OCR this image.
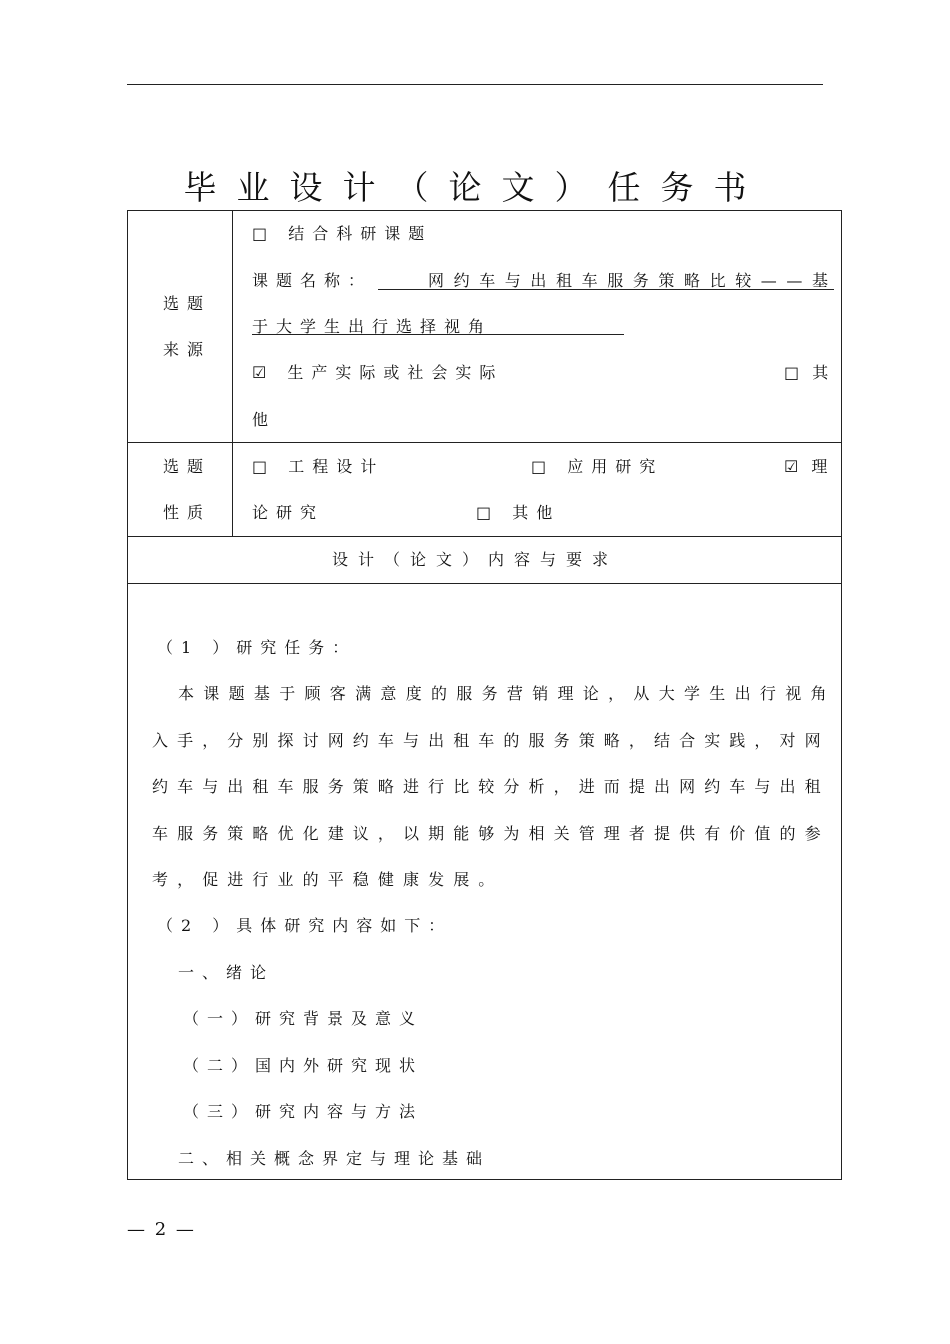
毕业设计（论文）任务书
选题
来源
□ 结合科研课题
课题名称：	网约车与出租车服务策略比较——基
于大学生出行选择视角
☑ 生产实际或社会实际	□ 其
他
选题
性质
□ 工程设计	□ 应用研究	☑ 理
论研究	□ 其他
设计（论文）内容与要求
（1 ）研究任务：
本课题基于顾客满意度的服务营销理论，从大学生出行视角
入手，分别探讨网约车与出租车的服务策略，结合实践，对网
约车与出租车服务策略进行比较分析，进而提出网约车与出租
车服务策略优化建议，以期能够为相关管理者提供有价值的参
考，促进行业的平稳健康发展。
（2 ）具体研究内容如下：
一、绪论
（一）研究背景及意义
（二）国内外研究现状
（三）研究内容与方法
二、相关概念界定与理论基础
— 2 —
